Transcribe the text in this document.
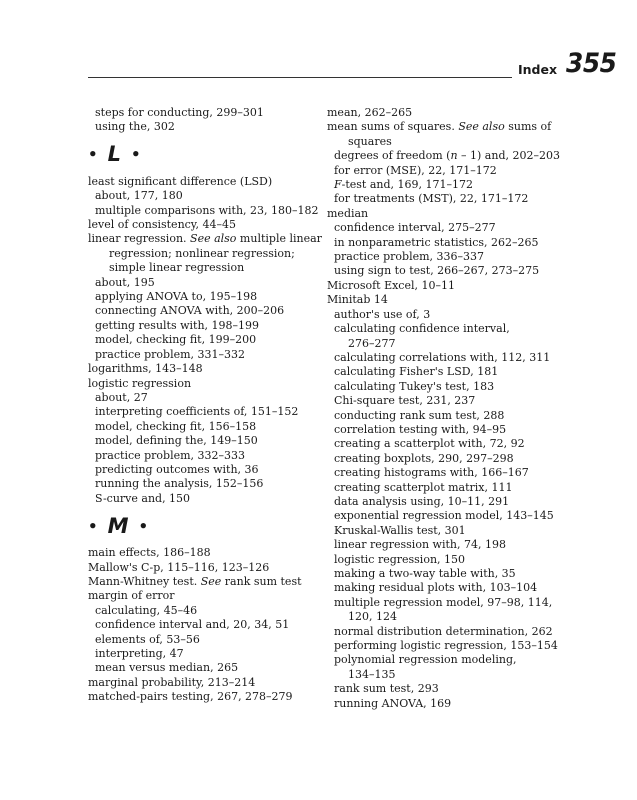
Index 355
steps for conducting, 299–301
using the, 302
• L •
least significant difference (LSD)
about, 177, 180
multiple comparisons with, 23, 180–182
level of consistency, 44–45
linear regression. See also multiple linear
regression; nonlinear regression;
simple linear regression
about, 195
applying ANOVA to, 195–198
connecting ANOVA with, 200–206
getting results with, 198–199
model, checking fit, 199–200
practice problem, 331–332
logarithms, 143–148
logistic regression
about, 27
interpreting coefficients of, 151–152
model, checking fit, 156–158
model, defining the, 149–150
practice problem, 332–333
predicting outcomes with, 36
running the analysis, 152–156
S-curve and, 150
• M •
main effects, 186–188
Mallow's C-p, 115–116, 123–126
Mann-Whitney test. See rank sum test
margin of error
calculating, 45–46
confidence interval and, 20, 34, 51
elements of, 53–56
interpreting, 47
mean versus median, 265
marginal probability, 213–214
matched-pairs testing, 267, 278–279
mean, 262–265
mean sums of squares. See also sums of
squares
degrees of freedom (n – 1) and, 202–203
for error (MSE), 22, 171–172
F-test and, 169, 171–172
for treatments (MST), 22, 171–172
median
confidence interval, 275–277
in nonparametric statistics, 262–265
practice problem, 336–337
using sign to test, 266–267, 273–275
Microsoft Excel, 10–11
Minitab 14
author's use of, 3
calculating confidence interval,
276–277
calculating correlations with, 112, 311
calculating Fisher's LSD, 181
calculating Tukey's test, 183
Chi-square test, 231, 237
conducting rank sum test, 288
correlation testing with, 94–95
creating a scatterplot with, 72, 92
creating boxplots, 290, 297–298
creating histograms with, 166–167
creating scatterplot matrix, 111
data analysis using, 10–11, 291
exponential regression model, 143–145
Kruskal-Wallis test, 301
linear regression with, 74, 198
logistic regression, 150
making a two-way table with, 35
making residual plots with, 103–104
multiple regression model, 97–98, 114,
120, 124
normal distribution determination, 262
performing logistic regression, 153–154
polynomial regression modeling,
134–135
rank sum test, 293
running ANOVA, 169
